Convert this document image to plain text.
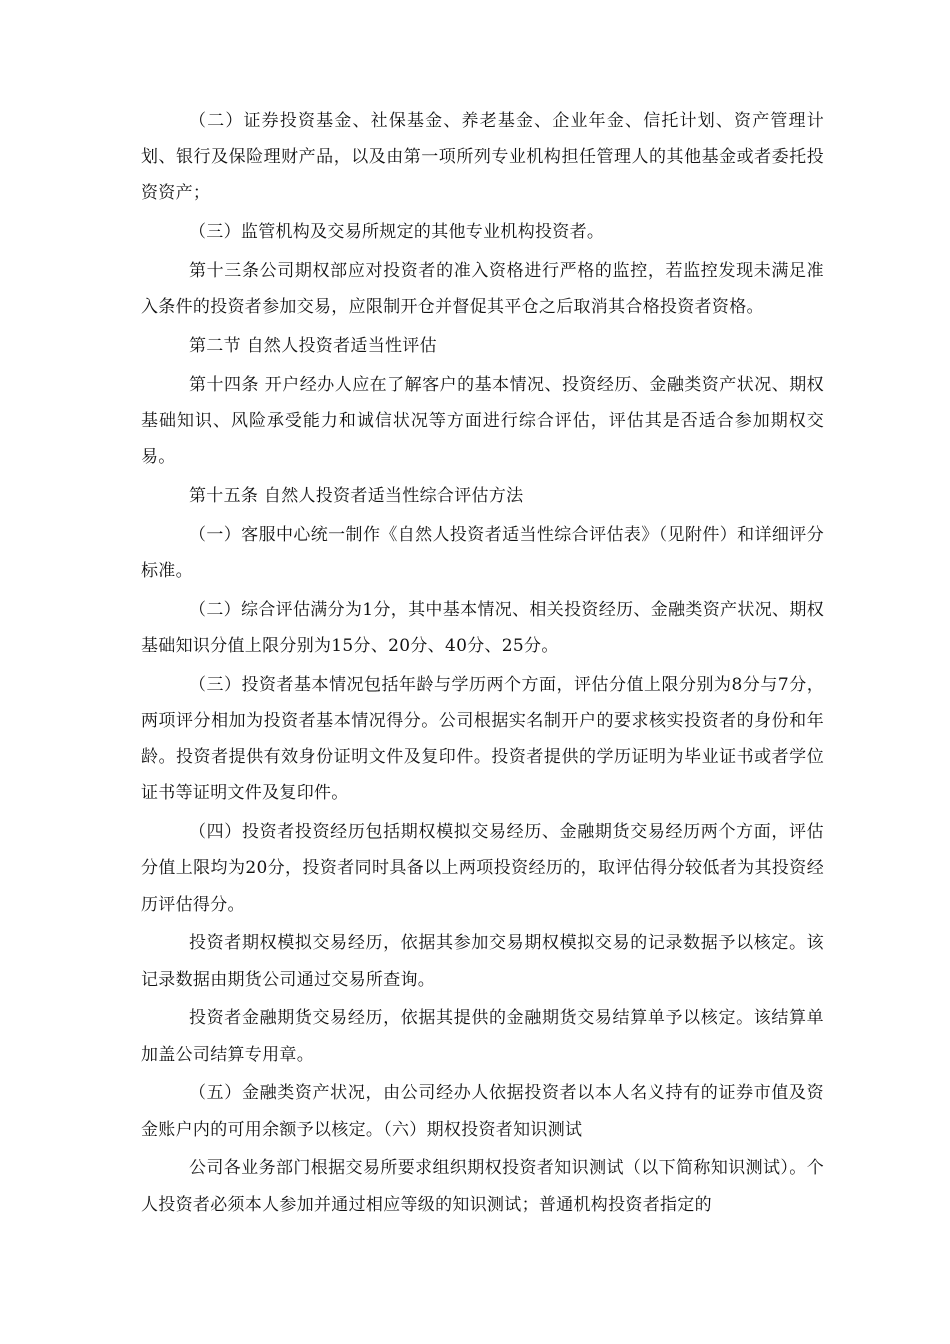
（二）证券投资基金、社保基金、养老基金、企业年金、信托计划、资产管理计划、银行及保险理财产品，以及由第一项所列专业机构担任管理人的其他基金或者委托投资资产；

（三）监管机构及交易所规定的其他专业机构投资者。

第十三条公司期权部应对投资者的准入资格进行严格的监控，若监控发现未满足准入条件的投资者参加交易，应限制开仓并督促其平仓之后取消其合格投资者资格。

第二节 自然人投资者适当性评估

第十四条 开户经办人应在了解客户的基本情况、投资经历、金融类资产状况、期权基础知识、风险承受能力和诚信状况等方面进行综合评估，评估其是否适合参加期权交易。

第十五条 自然人投资者适当性综合评估方法

（一）客服中心统一制作《自然人投资者适当性综合评估表》（见附件）和详细评分标准。

（二）综合评估满分为1分，其中基本情况、相关投资经历、金融类资产状况、期权基础知识分值上限分别为15分、20分、40分、25分。

（三）投资者基本情况包括年龄与学历两个方面，评估分值上限分别为8分与7分，两项评分相加为投资者基本情况得分。公司根据实名制开户的要求核实投资者的身份和年龄。投资者提供有效身份证明文件及复印件。投资者提供的学历证明为毕业证书或者学位证书等证明文件及复印件。

（四）投资者投资经历包括期权模拟交易经历、金融期货交易经历两个方面，评估分值上限均为20分，投资者同时具备以上两项投资经历的，取评估得分较低者为其投资经历评估得分。

投资者期权模拟交易经历，依据其参加交易期权模拟交易的记录数据予以核定。该记录数据由期货公司通过交易所查询。

投资者金融期货交易经历，依据其提供的金融期货交易结算单予以核定。该结算单加盖公司结算专用章。

（五）金融类资产状况，由公司经办人依据投资者以本人名义持有的证券市值及资金账户内的可用余额予以核定。（六）期权投资者知识测试

公司各业务部门根据交易所要求组织期权投资者知识测试（以下简称知识测试）。个人投资者必须本人参加并通过相应等级的知识测试；普通机构投资者指定的
